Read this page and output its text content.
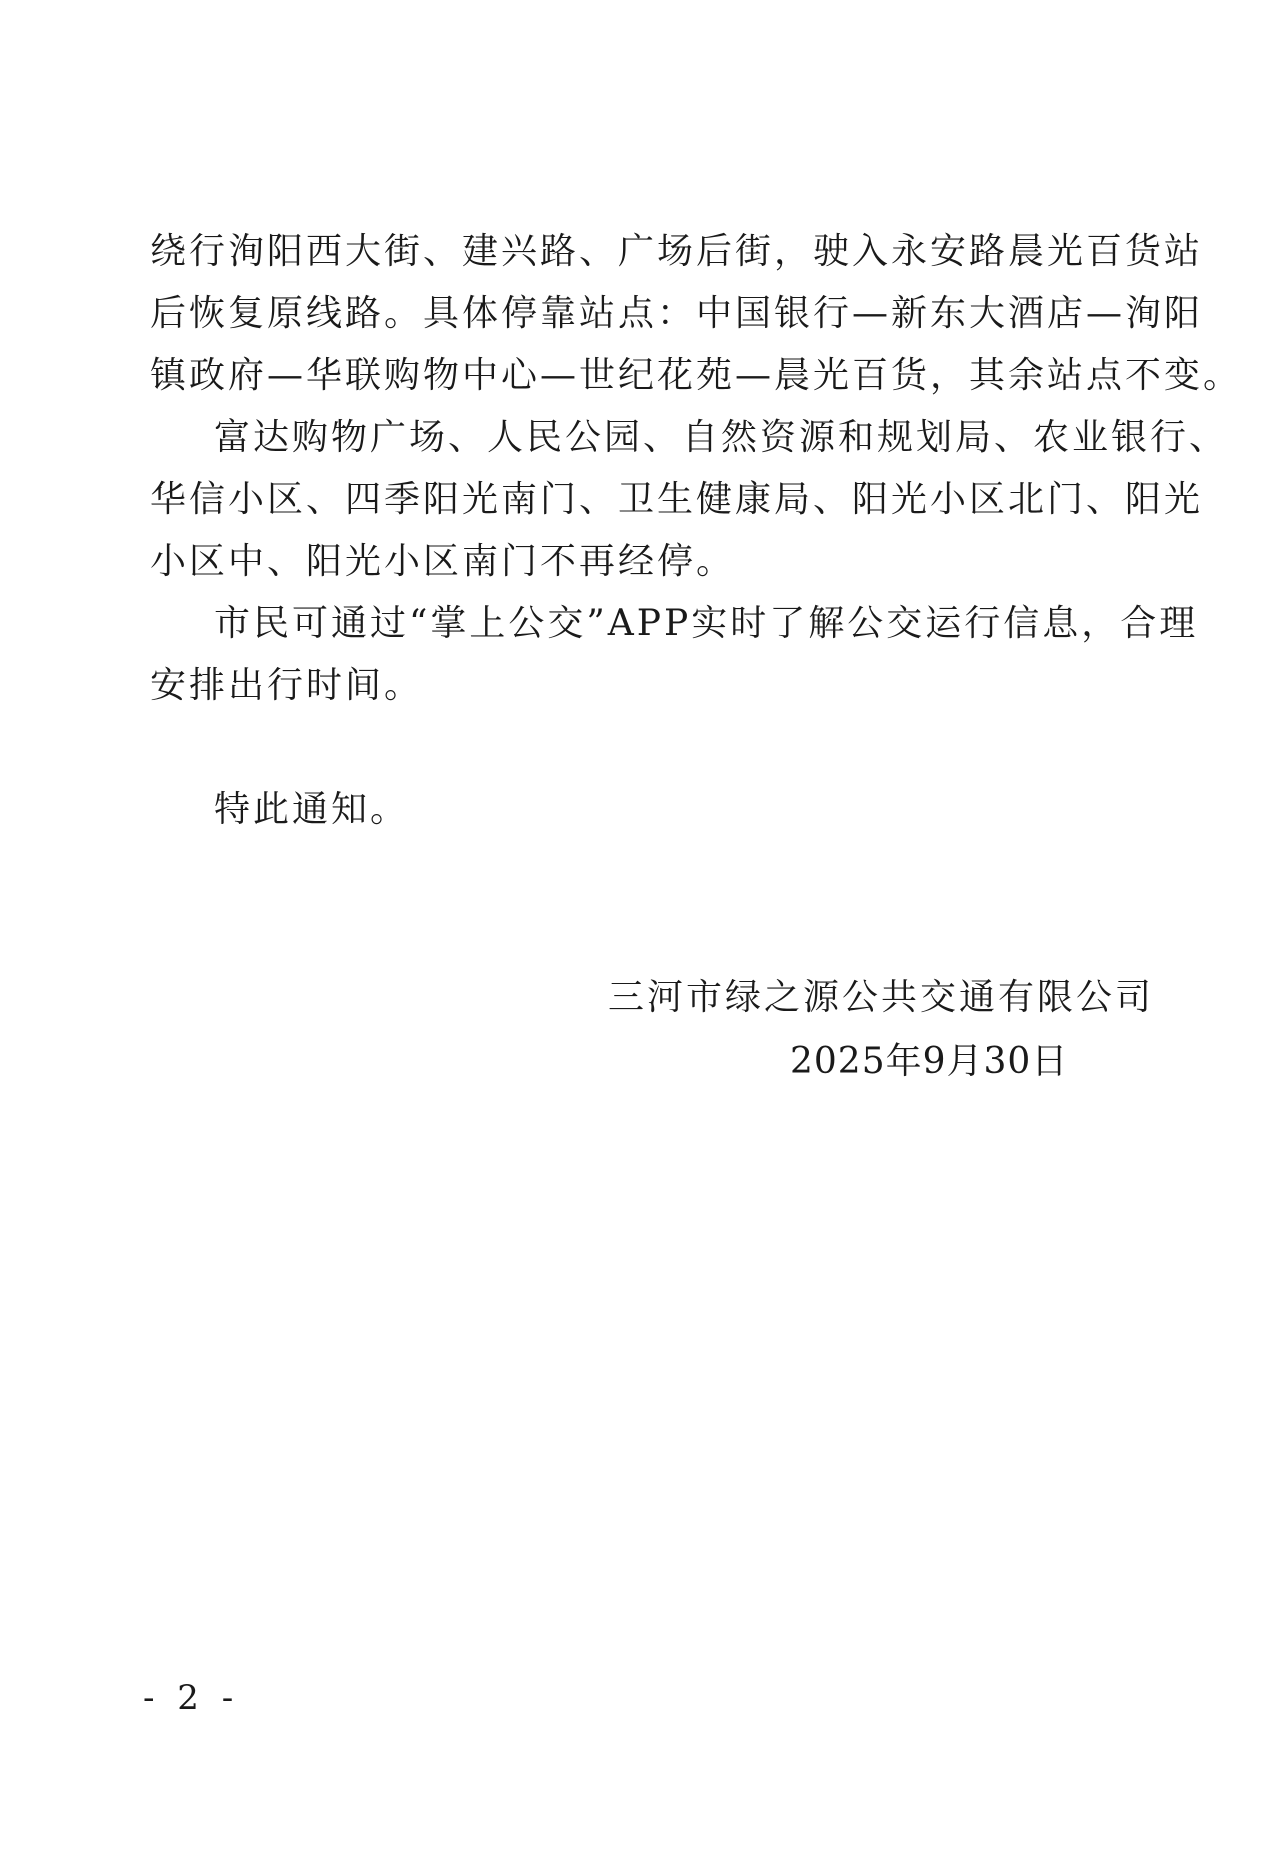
绕行洵阳西大街、建兴路、广场后街，驶入永安路晨光百货站
后恢复原线路。具体停靠站点：中国银行—新东大酒店—洵阳
镇政府—华联购物中心—世纪花苑—晨光百货，其余站点不变。
富达购物广场、人民公园、自然资源和规划局、农业银行、
华信小区、四季阳光南门、卫生健康局、阳光小区北门、阳光
小区中、阳光小区南门不再经停。
市民可通过“掌上公交”APP实时了解公交运行信息，合理
安排出行时间。
特此通知。
三河市绿之源公共交通有限公司
2025年9月30日
- 2 -
